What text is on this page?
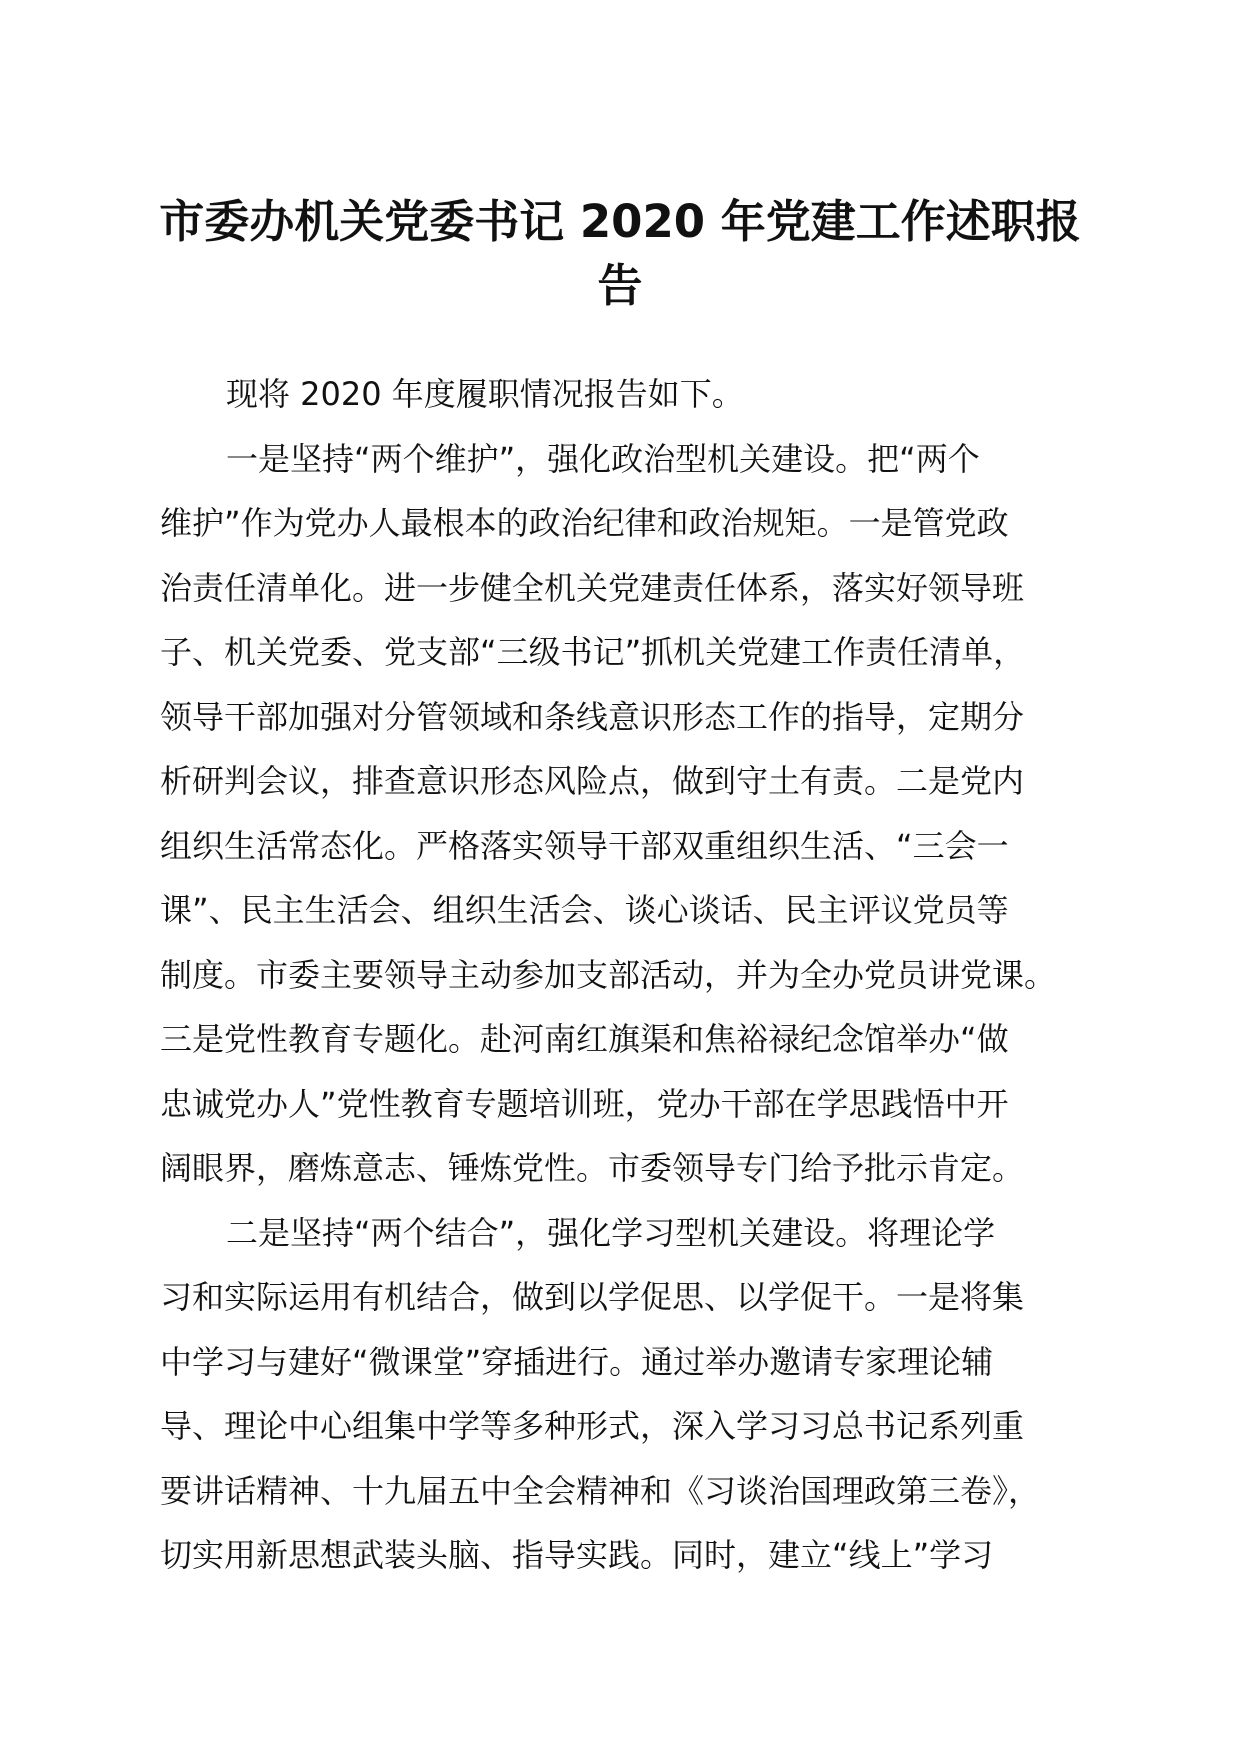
市委办机关党委书记 2020 年党建工作述职报
告
现将 2020 年度履职情况报告如下。
一是坚持“两个维护”，强化政治型机关建设。把“两个
维护”作为党办人最根本的政治纪律和政治规矩。一是管党政
治责任清单化。进一步健全机关党建责任体系，落实好领导班
子、机关党委、党支部“三级书记”抓机关党建工作责任清单，
领导干部加强对分管领域和条线意识形态工作的指导，定期分
析研判会议，排查意识形态风险点，做到守土有责。二是党内
组织生活常态化。严格落实领导干部双重组织生活、“三会一
课”、民主生活会、组织生活会、谈心谈话、民主评议党员等
制度。市委主要领导主动参加支部活动，并为全办党员讲党课。
三是党性教育专题化。赴河南红旗渠和焦裕禄纪念馆举办“做
忠诚党办人”党性教育专题培训班，党办干部在学思践悟中开
阔眼界，磨炼意志、锤炼党性。市委领导专门给予批示肯定。
二是坚持“两个结合”，强化学习型机关建设。将理论学
习和实际运用有机结合，做到以学促思、以学促干。一是将集
中学习与建好“微课堂”穿插进行。通过举办邀请专家理论辅
导、理论中心组集中学等多种形式，深入学习习总书记系列重
要讲话精神、十九届五中全会精神和《习谈治国理政第三卷》，
切实用新思想武装头脑、指导实践。同时，建立“线上”学习
